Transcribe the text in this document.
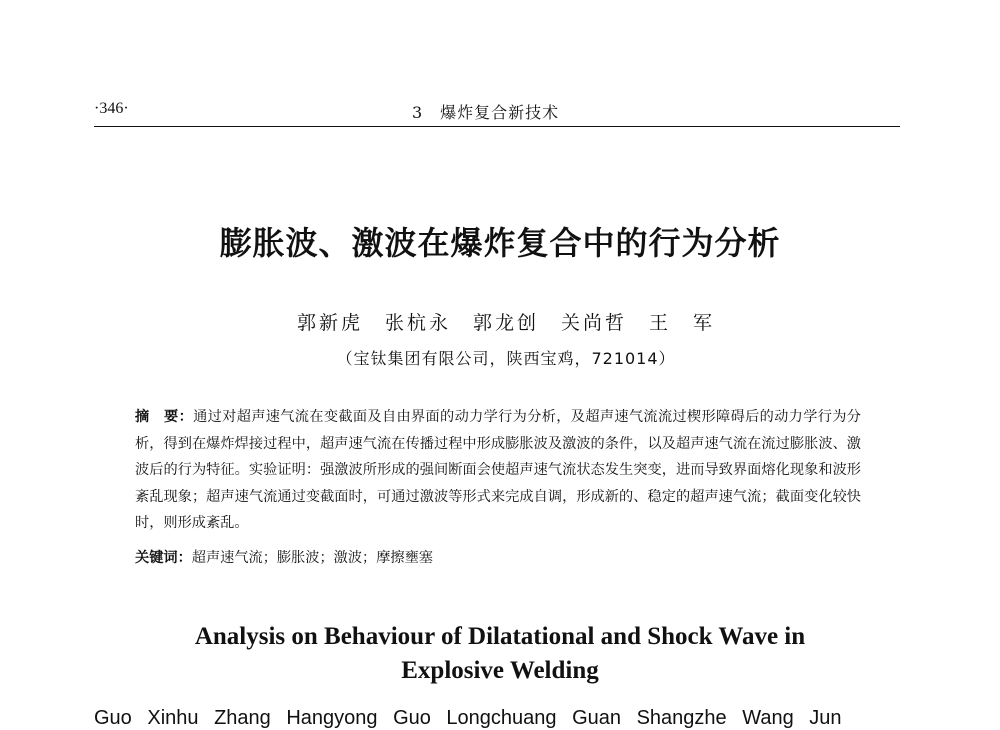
·346·	3　爆炸复合新技术
膨胀波、激波在爆炸复合中的行为分析
郭新虎　张杭永　郭龙创　关尚哲　王　军
（宝钛集团有限公司，陕西宝鸡，721014）
摘　要：通过对超声速气流在变截面及自由界面的动力学行为分析，及超声速气流流过楔形障碍后的动力学行为分析，得到在爆炸焊接过程中，超声速气流在传播过程中形成膨胀波及激波的条件，以及超声速气流在流过膨胀波、激波后的行为特征。实验证明：强激波所形成的强间断面会使超声速气流状态发生突变，进而导致界面熔化现象和波形紊乱现象；超声速气流通过变截面时，可通过激波等形式来完成自调，形成新的、稳定的超声速气流；截面变化较快时，则形成紊乱。
关键词：超声速气流；膨胀波；激波；摩擦壅塞
Analysis on Behaviour of Dilatational and Shock Wave in
Explosive Welding
Guo Xinhu Zhang Hangyong Guo Longchuang Guan Shangzhe Wang Jun
